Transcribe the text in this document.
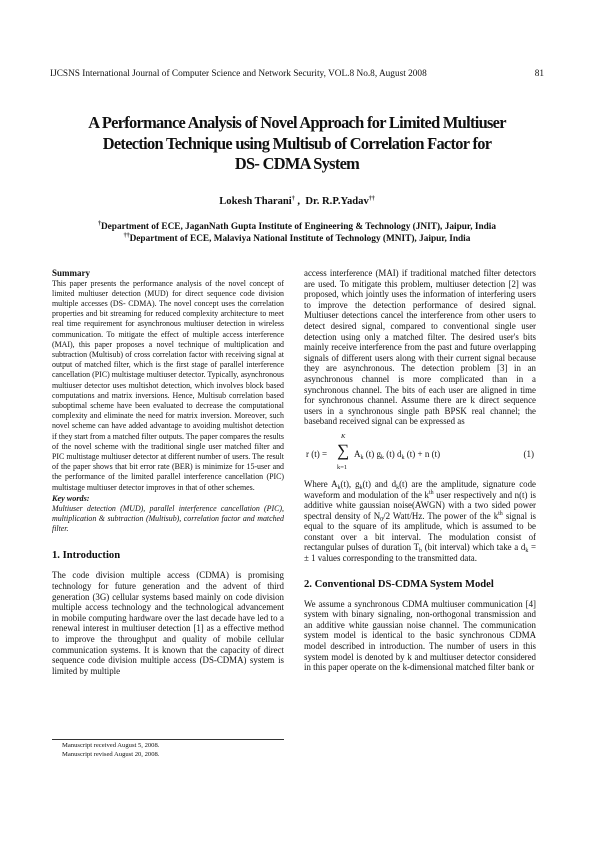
IJCSNS International Journal of Computer Science and Network Security, VOL.8 No.8, August 2008	81
A Performance Analysis of Novel Approach for Limited Multiuser
Detection Technique using Multisub of Correlation Factor for
DS- CDMA System
Lokesh Tharani† ,  Dr. R.P.Yadav††
†Department of ECE, JaganNath Gupta Institute of Engineering & Technology (JNIT), Jaipur, India
††Department of ECE, Malaviya National Institute of Technology (MNIT), Jaipur, India
Summary

This paper presents the performance analysis of the novel concept of limited multiuser detection (MUD) for direct sequence code division multiple accesses (DS- CDMA). The novel concept uses the correlation properties and bit streaming for reduced complexity architecture to meet real time requirement for asynchronous multiuser detection in wireless communication. To mitigate the effect of multiple access interference (MAI), this paper proposes a novel technique of multiplication and subtraction (Multisub) of cross correlation factor with receiving signal at output of matched filter, which is the first stage of parallel interference cancellation (PIC) multistage multiuser detector. Typically, asynchronous multiuser detector uses multishot detection, which involves block based computations and matrix inversions. Hence, Multisub correlation based suboptimal scheme have been evaluated to decrease the computational complexity and eliminate the need for matrix inversion. Moreover, such novel scheme can have added advantage to avoiding multishot detection if they start from a matched filter outputs. The paper compares the results of the novel scheme with the traditional single user matched filter and PIC multistage multiuser detector at different number of users. The result of the paper shows that bit error rate (BER) is minimize for 15-user and the performance of the limited parallel interference cancellation (PIC) multistage multiuser detector improves in that of other schemes.

Key words:

Multiuser detection (MUD), parallel interference cancellation (PIC), multiplication & subtraction (Multisub), correlation factor and matched filter.

1. Introduction

The code division multiple access (CDMA) is promising technology for future generation and the advent of third generation (3G) cellular systems based mainly on code division multiple access technology and the technological advancement in mobile computing hardware over the last decade have led to a renewal interest in multiuser detection [1] as a effective method to improve the throughput and quality of mobile cellular communication systems. It is known that the capacity of direct sequence code division multiple access (DS-CDMA) system is limited by multiple

access interference (MAI) if traditional matched filter detectors are used. To mitigate this problem, multiuser detection [2] was proposed, which jointly uses the information of interfering users to improve the detection performance of desired signal. Multiuser detections cancel the interference from other users to detect desired signal, compared to conventional single user detection using only a matched filter. The desired user's bits mainly receive interference from the past and future overlapping signals of different users along with their current signal because they are asynchronous. The detection problem [3] in an asynchronous channel is more complicated than in a synchronous channel. The bits of each user are aligned in time for synchronous channel. Assume there are k direct sequence users in a synchronous single path BPSK real channel; the baseband received signal can be expressed as

r (t) =
K
∑
k=1
$A_k$ (t) $g_k$ (t) $d_k$ (t) + n (t)	(1)

Where $A_k(t)$, $g_k(t)$ and $d_k(t)$ are the amplitude, signature code waveform and modulation of the $k^{th}$ user respectively and n(t) is additive white gaussian noise(AWGN) with a two sided power spectral density of $N_0/2$ Watt/Hz. The power of the $k^{th}$ signal is equal to the square of its amplitude, which is assumed to be constant over a bit interval. The modulation consist of rectangular pulses of duration $T_b$ (bit interval) which take a $d_k$ = ± 1 values corresponding to the transmitted data.

2. Conventional DS-CDMA System Model

We assume a synchronous CDMA multiuser communication [4] system with binary signaling, non-orthogonal transmission and an additive white gaussian noise channel. The communication system model is identical to the basic synchronous CDMA model described in introduction. The number of users in this system model is denoted by k and multiuser detector considered in this paper operate on the k-dimensional matched filter bank or

Manuscript received August 5, 2008.
Manuscript revised August 20, 2008.
